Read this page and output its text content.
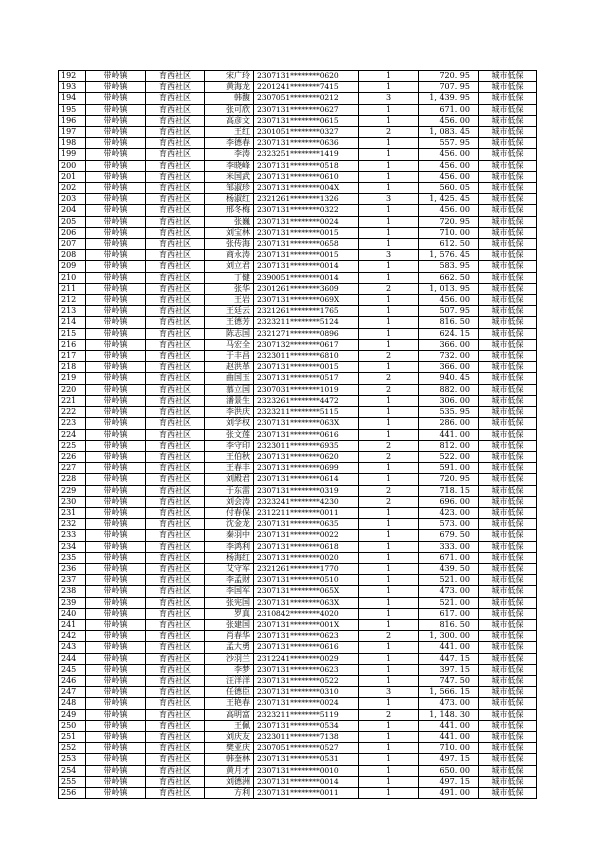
192	带岭镇	育西社区	宋广玲	2307131********0620	1	720. 95	城市低保
193	带岭镇	育西社区	黄海龙	2201241********7415	1	707. 95	城市低保
194	带岭镇	育西社区	韩馥	2307051********0212	3	1, 439. 95	城市低保
195	带岭镇	育西社区	张可欣	2307131********0627	1	671. 00	城市低保
196	带岭镇	育西社区	高彦文	2307131********0615	1	456. 00	城市低保
197	带岭镇	育西社区	王红	2301051********0327	2	1, 083. 45	城市低保
198	带岭镇	育西社区	李德春	2307131********0636	1	557. 95	城市低保
199	带岭镇	育西社区	李涛	2323251********1419	1	456. 00	城市低保
200	带岭镇	育西社区	李晓峰	2307131********0518	1	456. 00	城市低保
201	带岭镇	育西社区	米国武	2307131********0610	1	456. 00	城市低保
202	带岭镇	育西社区	邹淑珍	2307131********004X	1	560. 05	城市低保
203	带岭镇	育西社区	杨淑红	2321261********1326	3	1, 425. 45	城市低保
204	带岭镇	育西社区	邢冬梅	2307131********0322	1	456. 00	城市低保
205	带岭镇	育西社区	张巍	2307131********0024	1	720. 95	城市低保
206	带岭镇	育西社区	刘宝林	2307131********0015	1	710. 00	城市低保
207	带岭镇	育西社区	张传海	2307131********0658	1	612. 50	城市低保
208	带岭镇	育西社区	商永涛	2307131********0015	3	1, 576. 45	城市低保
209	带岭镇	育西社区	刘立君	2307131********0014	1	583. 95	城市低保
210	带岭镇	育西社区	丁健	2390051********0014	1	662. 50	城市低保
211	带岭镇	育西社区	张华	2301261********3609	2	1, 013. 95	城市低保
212	带岭镇	育西社区	王岩	2307131********069X	1	456. 00	城市低保
213	带岭镇	育西社区	王廷云	2321261********1765	1	507. 95	城市低保
214	带岭镇	育西社区	王德芳	2323211********5124	1	816. 50	城市低保
215	带岭镇	育西社区	陈志国	2321271********0896	1	624. 15	城市低保
216	带岭镇	育西社区	马宏全	2307132********0617	1	366. 00	城市低保
217	带岭镇	育西社区	于丰昌	2323011********6810	2	732. 00	城市低保
218	带岭镇	育西社区	赵洪革	2307131********0015	1	366. 00	城市低保
219	带岭镇	育西社区	曲国玉	2307131********0517	2	940. 45	城市低保
220	带岭镇	育西社区	慕立国	2307031********1019	2	882. 00	城市低保
221	带岭镇	育西社区	潘景生	2323261********4472	1	306. 00	城市低保
222	带岭镇	育西社区	李洪庆	2323211********5115	1	535. 95	城市低保
223	带岭镇	育西社区	刘学权	2307131********063X	1	286. 00	城市低保
224	带岭镇	育西社区	张文莲	2307131********0616	1	441. 00	城市低保
225	带岭镇	育西社区	李守印	2323011********6935	2	812. 00	城市低保
226	带岭镇	育西社区	王伯秋	2307131********0620	2	522. 00	城市低保
227	带岭镇	育西社区	王春丰	2307131********0699	1	591. 00	城市低保
228	带岭镇	育西社区	刘殿君	2307131********0614	1	720. 95	城市低保
229	带岭镇	育西社区	于东雷	2307131********0319	2	718. 15	城市低保
230	带岭镇	育西社区	刘会涛	2323241********4230	2	696. 00	城市低保
231	带岭镇	育西社区	付春保	2312211********0011	1	423. 00	城市低保
232	带岭镇	育西社区	沈金龙	2307131********0635	1	573. 00	城市低保
233	带岭镇	育西社区	秦羽中	2307131********0022	1	679. 50	城市低保
234	带岭镇	育西社区	李鸿利	2307131********0618	1	333. 00	城市低保
235	带岭镇	育西社区	杨海红	2307131********0020	1	671. 00	城市低保
236	带岭镇	育西社区	艾守军	2321261********1770	1	439. 50	城市低保
237	带岭镇	育西社区	李孟财	2307131********0510	1	521. 00	城市低保
238	带岭镇	育西社区	李国军	2307131********065X	1	473. 00	城市低保
239	带岭镇	育西社区	张宪国	2307131********063X	1	521. 00	城市低保
240	带岭镇	育西社区	罗真	2310842********4020	1	617. 00	城市低保
241	带岭镇	育西社区	张建国	2307131********001X	1	816. 50	城市低保
242	带岭镇	育西社区	肖春华	2307131********0623	2	1, 300. 00	城市低保
243	带岭镇	育西社区	孟大勇	2307131********0616	1	441. 00	城市低保
244	带岭镇	育西社区	沙羽兰	2312241********0029	1	447. 15	城市低保
245	带岭镇	育西社区	李梦	2307131********0623	1	397. 15	城市低保
246	带岭镇	育西社区	汪洋洋	2307131********0522	1	747. 50	城市低保
247	带岭镇	育西社区	任德臣	2307131********0310	3	1, 566. 15	城市低保
248	带岭镇	育西社区	王艳春	2307131********0024	1	473. 00	城市低保
249	带岭镇	育西社区	高明富	2323211********5119	2	1, 148. 30	城市低保
250	带岭镇	育西社区	王佩	2307131********0534	1	441. 00	城市低保
251	带岭镇	育西社区	刘庆友	2323011********7138	1	441. 00	城市低保
252	带岭镇	育西社区	樊亚庆	2307051********0527	1	710. 00	城市低保
253	带岭镇	育西社区	韩奎林	2307131********0531	1	497. 15	城市低保
254	带岭镇	育西社区	黄月才	2307131********0010	1	650. 00	城市低保
255	带岭镇	育西社区	刘德洲	2307131********0014	1	497. 15	城市低保
256	带岭镇	育西社区	方利	2307131********0011	1	491. 00	城市低保
